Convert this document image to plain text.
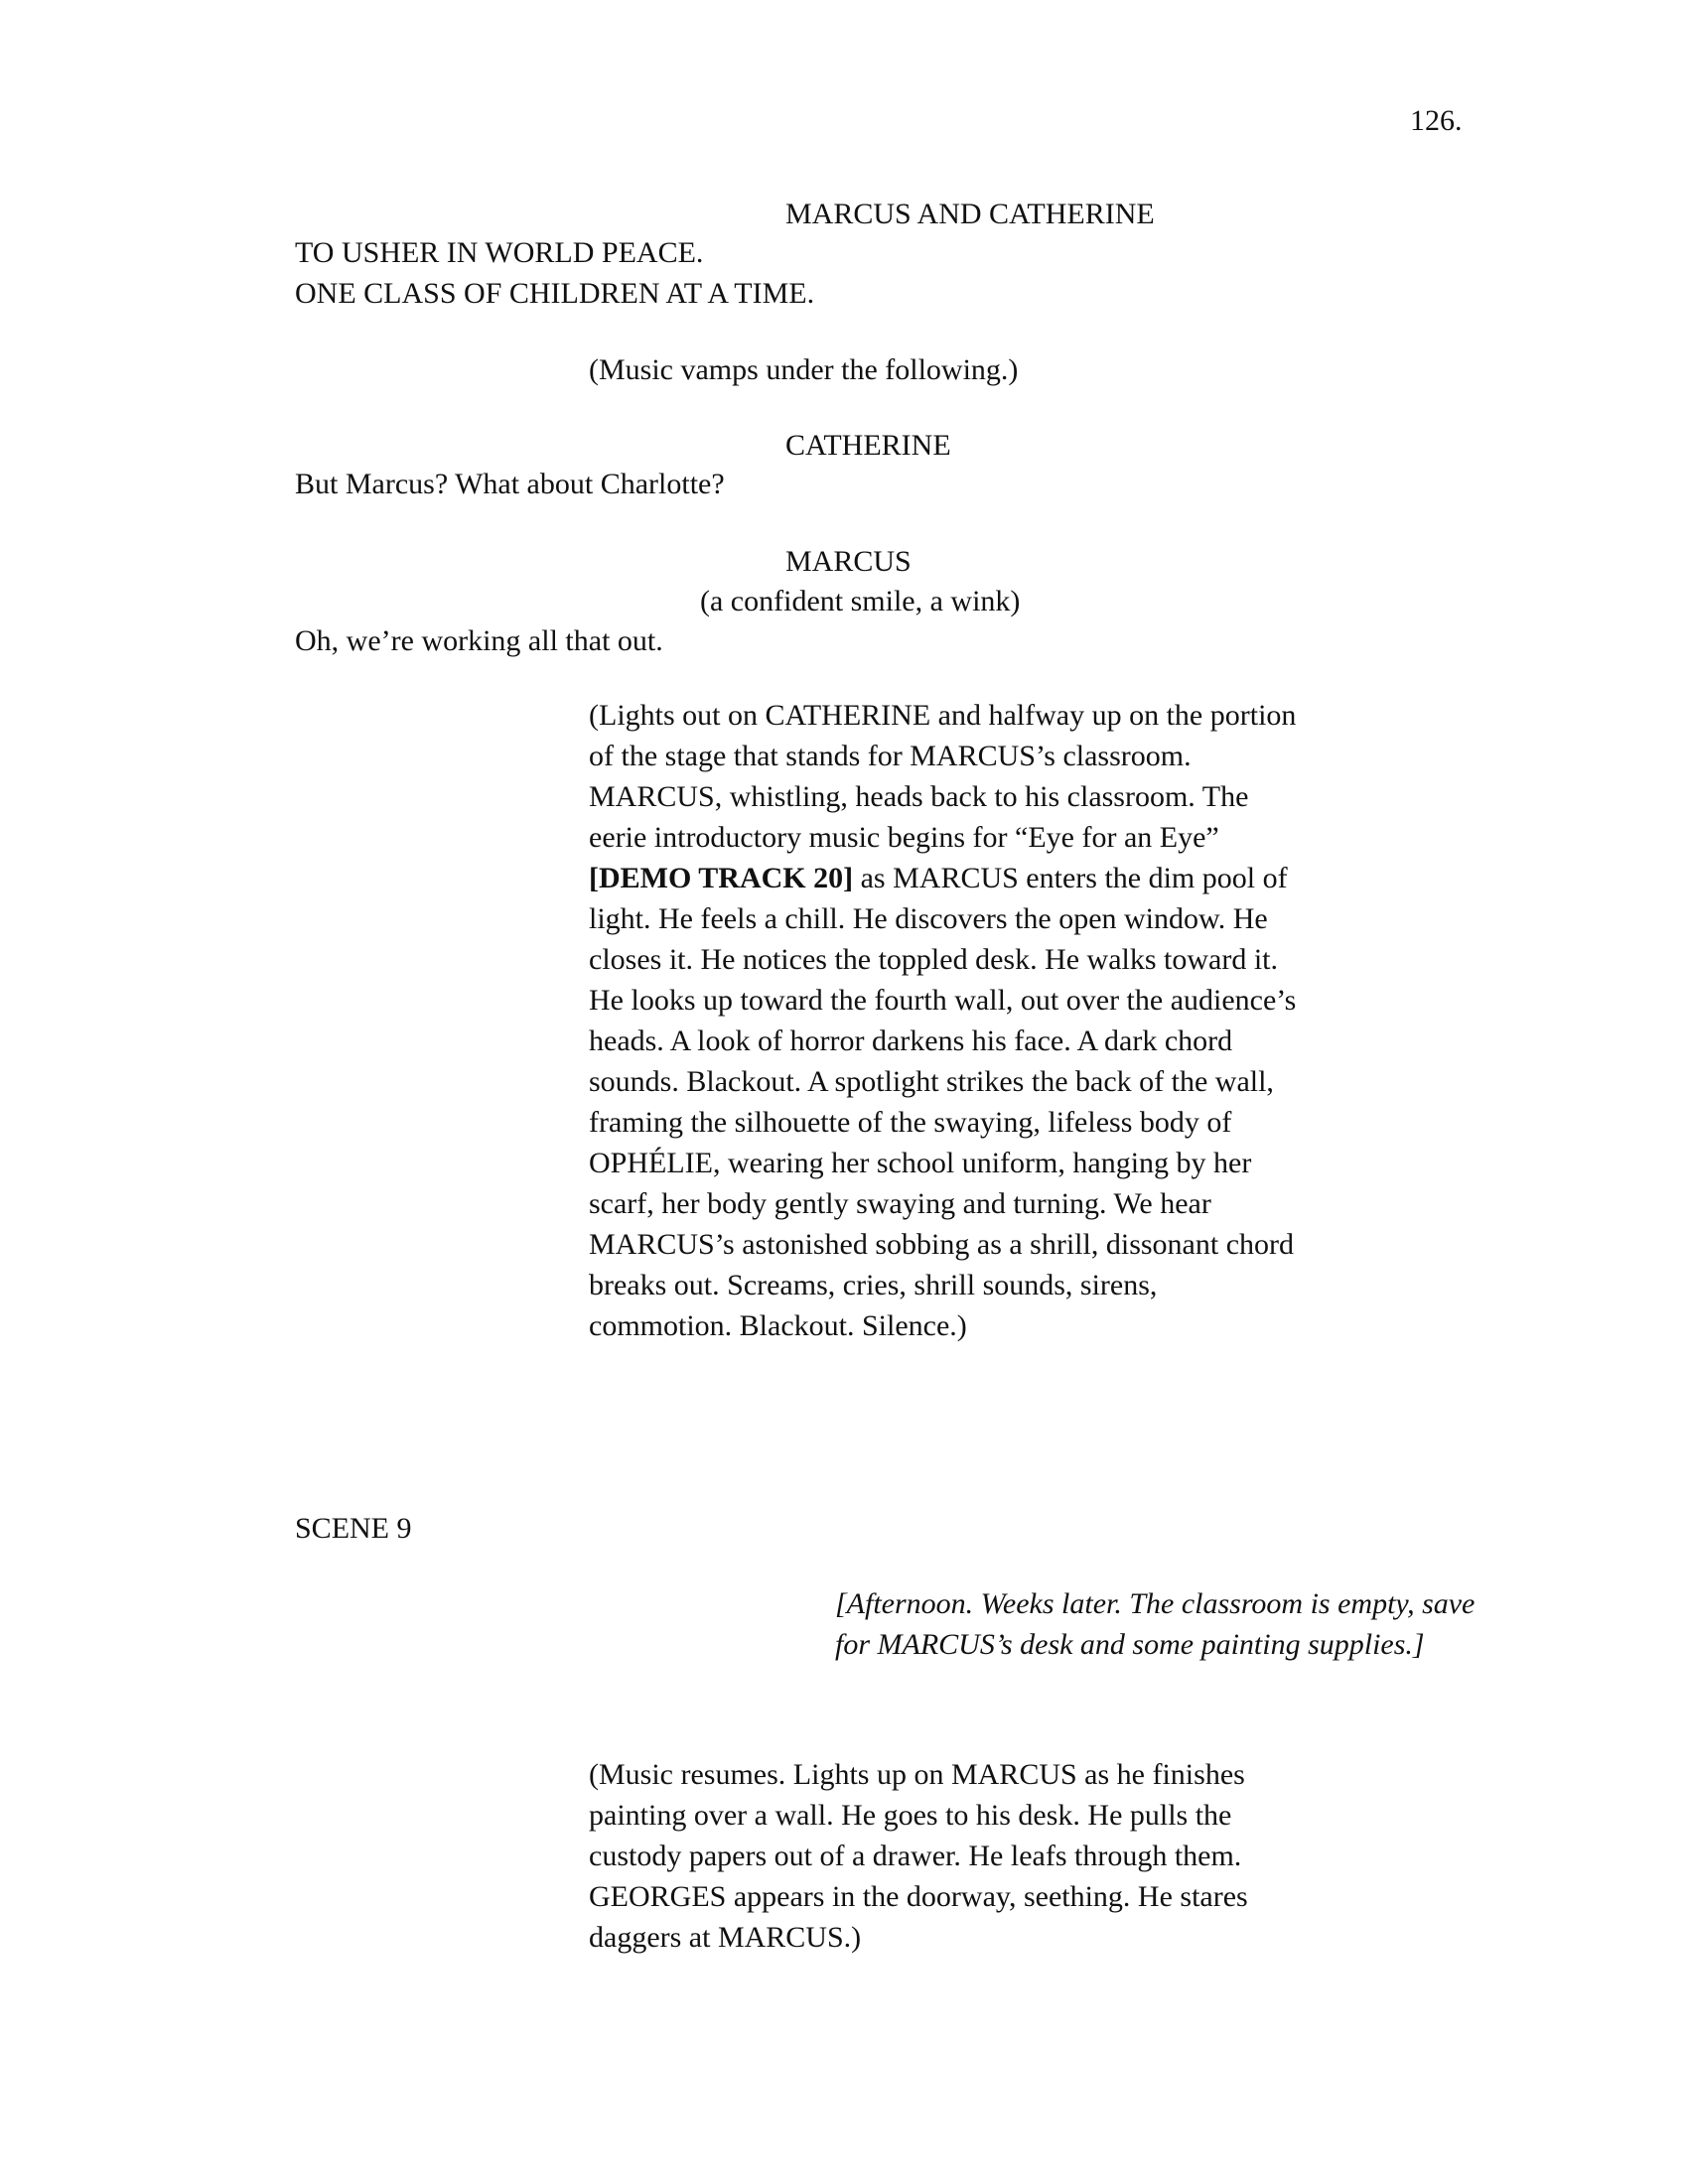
126.
MARCUS AND CATHERINE
TO USHER IN WORLD PEACE.
ONE CLASS OF CHILDREN AT A TIME.
(Music vamps under the following.)
CATHERINE
But Marcus? What about Charlotte?
MARCUS
(a confident smile, a wink)
Oh, we’re working all that out.
(Lights out on CATHERINE and halfway up on the portion of the stage that stands for MARCUS’s classroom. MARCUS, whistling, heads back to his classroom. The eerie introductory music begins for “Eye for an Eye” [DEMO TRACK 20] as MARCUS enters the dim pool of light. He feels a chill. He discovers the open window. He closes it. He notices the toppled desk. He walks toward it. He looks up toward the fourth wall, out over the audience’s heads. A look of horror darkens his face. A dark chord sounds. Blackout. A spotlight strikes the back of the wall, framing the silhouette of the swaying, lifeless body of OPHÉLIE, wearing her school uniform, hanging by her scarf, her body gently swaying and turning. We hear MARCUS’s astonished sobbing as a shrill, dissonant chord breaks out. Screams, cries, shrill sounds, sirens, commotion. Blackout. Silence.)
SCENE 9
[Afternoon. Weeks later. The classroom is empty, save for MARCUS’s desk and some painting supplies.]
(Music resumes. Lights up on MARCUS as he finishes painting over a wall. He goes to his desk. He pulls the custody papers out of a drawer. He leafs through them. GEORGES appears in the doorway, seething. He stares daggers at MARCUS.)
